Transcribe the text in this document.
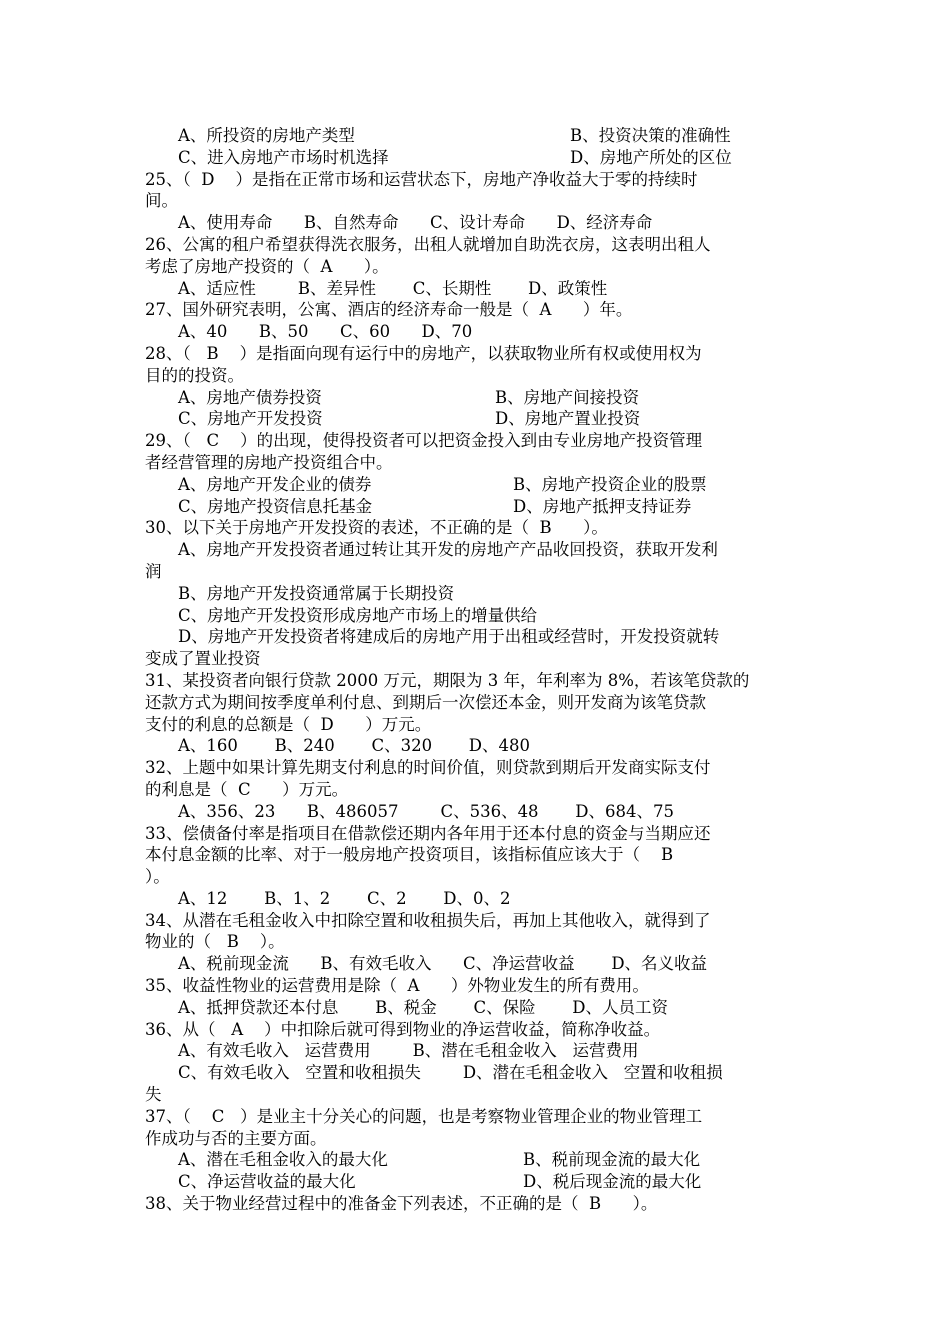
A、所投资的房地产类型

	B、投资决策的准确性

C、进入房地产市场时机选择

	D、房地产所处的区位

25、（  D    ）是指在正常市场和运营状态下，房地产净收益大于零的持续时
间。
A、使用寿命      B、自然寿命      C、设计寿命      D、经济寿命
26、公寓的租户希望获得洗衣服务，出租人就增加自助洗衣房，这表明出租人
考虑了房地产投资的（  A      ）。
A、适应性        B、差异性       C、长期性       D、政策性
27、国外研究表明，公寓、酒店的经济寿命一般是（  A      ）年。
A、40      B、50      C、60      D、70
28、（   B    ）是指面向现有运行中的房地产，以获取物业所有权或使用权为
目的的投资。

A、房地产债券投资

	B、房地产间接投资

C、房地产开发投资

	D、房地产置业投资

29、（   C    ）的出现，使得投资者可以把资金投入到由专业房地产投资管理
者经营管理的房地产投资组合中。

A、房地产开发企业的债券

	B、房地产投资企业的股票

C、房地产投资信息托基金

	D、房地产抵押支持证券

30、以下关于房地产开发投资的表述，不正确的是（  B      ）。
A、房地产开发投资者通过转让其开发的房地产产品收回投资，获取开发利
润
B、房地产开发投资通常属于长期投资
C、房地产开发投资形成房地产市场上的增量供给
D、房地产开发投资者将建成后的房地产用于出租或经营时，开发投资就转
变成了置业投资
31、某投资者向银行贷款 2000 万元，期限为 3 年，年利率为 8%，若该笔贷款的
还款方式为期间按季度单利付息、到期后一次偿还本金，则开发商为该笔贷款
支付的利息的总额是（  D      ）万元。
A、160       B、240       C、320       D、480
32、上题中如果计算先期支付利息的时间价值，则贷款到期后开发商实际支付
的利息是（  C      ）万元。
A、356、23      B、486057        C、536、48       D、684、75
33、偿债备付率是指项目在借款偿还期内各年用于还本付息的资金与当期应还
本付息金额的比率、对于一般房地产投资项目，该指标值应该大于（    B
）。
A、12       B、1、2       C、2       D、0、2
34、从潜在毛租金收入中扣除空置和收租损失后，再加上其他收入，就得到了
物业的（   B    ）。
A、税前现金流      B、有效毛收入      C、净运营收益       D、名义收益
35、收益性物业的运营费用是除（  A      ）外物业发生的所有费用。
A、抵押贷款还本付息       B、税金       C、保险       D、人员工资
36、从（   A    ）中扣除后就可得到物业的净运营收益，简称净收益。
A、有效毛收入   运营费用        B、潜在毛租金收入   运营费用
C、有效毛收入   空置和收租损失        D、潜在毛租金收入   空置和收租损
失
37、（    C   ）是业主十分关心的问题，也是考察物业管理企业的物业管理工
作成功与否的主要方面。

A、潜在毛租金收入的最大化

	B、税前现金流的最大化

C、净运营收益的最大化

	D、税后现金流的最大化

38、关于物业经营过程中的准备金下列表述，不正确的是（  B      ）。
